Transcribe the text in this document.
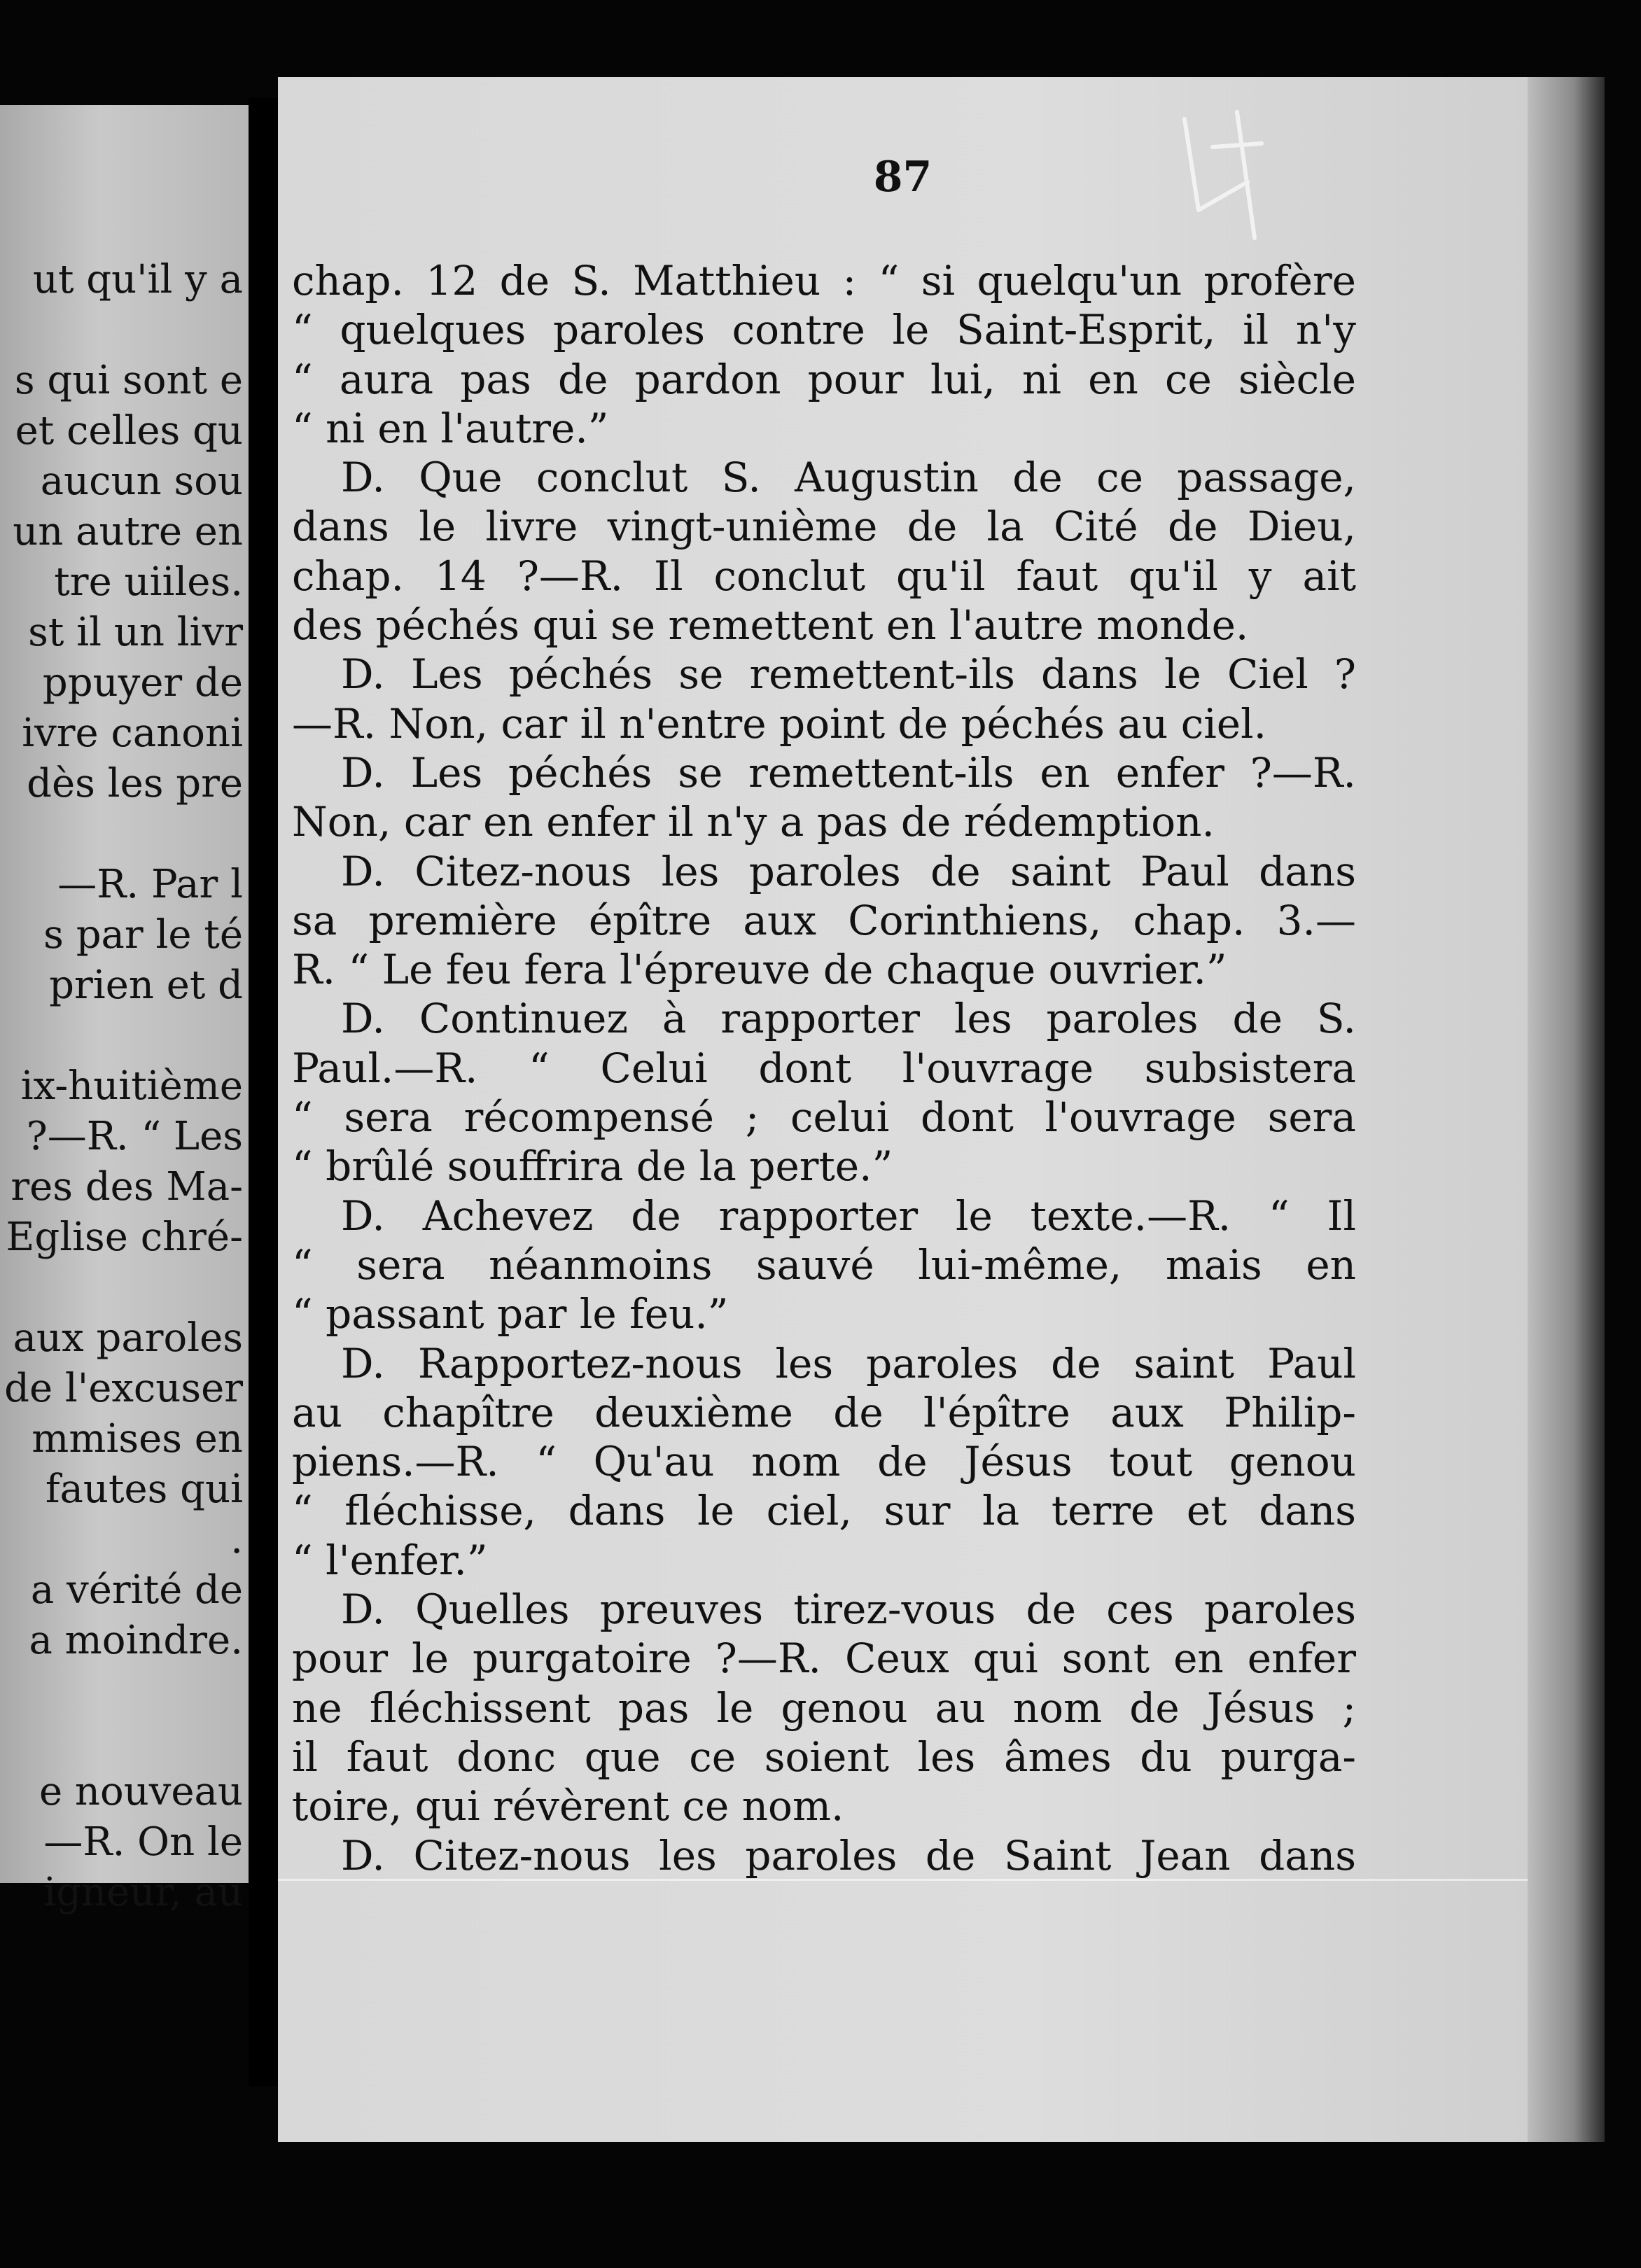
ut qu'il y a
s qui sont e
et celles qu
aucun sou
un autre en
tre uiiles.
st il un livr
ppuyer de
ivre canoni
dès les pre
—R. Par l
s par le té
prien et d
ix-huitième
?—R. “ Les
res des Ma-
Eglise chré-
aux paroles
de l'excuser
mmises en
fautes qui
.
a vérité de
a moindre.
e nouveau
—R. On le
igneur, au
87
chap. 12 de S. Matthieu : “ si quelqu'un profère
“ quelques paroles contre le Saint-Esprit, il n'y
“ aura pas de pardon pour lui, ni en ce siècle
“ ni en l'autre.”
D. Que conclut S. Augustin de ce passage,
dans le livre vingt-unième de la Cité de Dieu,
chap. 14 ?—R. Il conclut qu'il faut qu'il y ait
des péchés qui se remettent en l'autre monde.
D. Les péchés se remettent-ils dans le Ciel ?
—R. Non, car il n'entre point de péchés au ciel.
D. Les péchés se remettent-ils en enfer ?—R.
Non, car en enfer il n'y a pas de rédemption.
D. Citez-nous les paroles de saint Paul dans
sa première épître aux Corinthiens, chap. 3.—
R. “ Le feu fera l'épreuve de chaque ouvrier.”
D. Continuez à rapporter les paroles de S.
Paul.—R. “ Celui dont l'ouvrage subsistera
“ sera récompensé ; celui dont l'ouvrage sera
“ brûlé souffrira de la perte.”
D. Achevez de rapporter le texte.—R. “ Il
“ sera néanmoins sauvé lui-même, mais en
“ passant par le feu.”
D. Rapportez-nous les paroles de saint Paul
au chapître deuxième de l'épître aux Philip-
piens.—R. “ Qu'au nom de Jésus tout genou
“ fléchisse, dans le ciel, sur la terre et dans
“ l'enfer.”
D. Quelles preuves tirez-vous de ces paroles
pour le purgatoire ?—R. Ceux qui sont en enfer
ne fléchissent pas le genou au nom de Jésus ;
il faut donc que ce soient les âmes du purga-
toire, qui révèrent ce nom.
D. Citez-nous les paroles de Saint Jean dans
